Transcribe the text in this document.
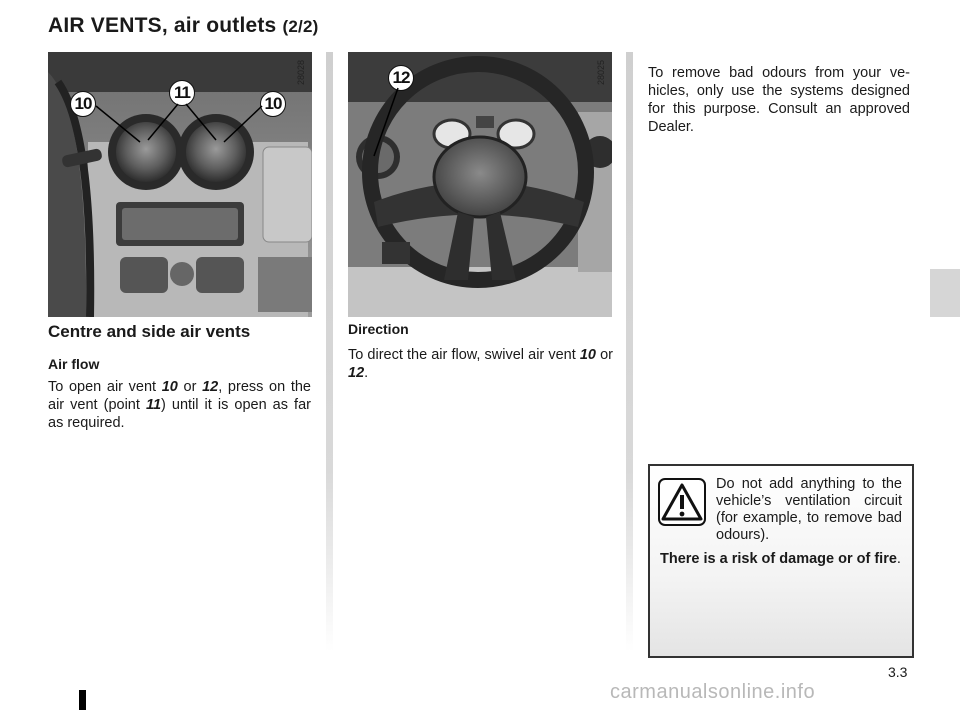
AIR VENTS, air outlets (2/2)
28028
10
11
10
28025
12
Centre and side air vents
Air flow
To open air vent 10 or 12, press on the air vent (point 11) until it is open as far as required.
Direction
To direct the air flow, swivel air vent 10 or 12.
To remove bad odours from your ve-hicles, only use the systems designed for this purpose. Consult an approved Dealer.
Do not add anything to the vehicle’s ventilation circuit (for example, to remove bad odours).
There is a risk of damage or of fire.
3.3
carmanualsonline.info
